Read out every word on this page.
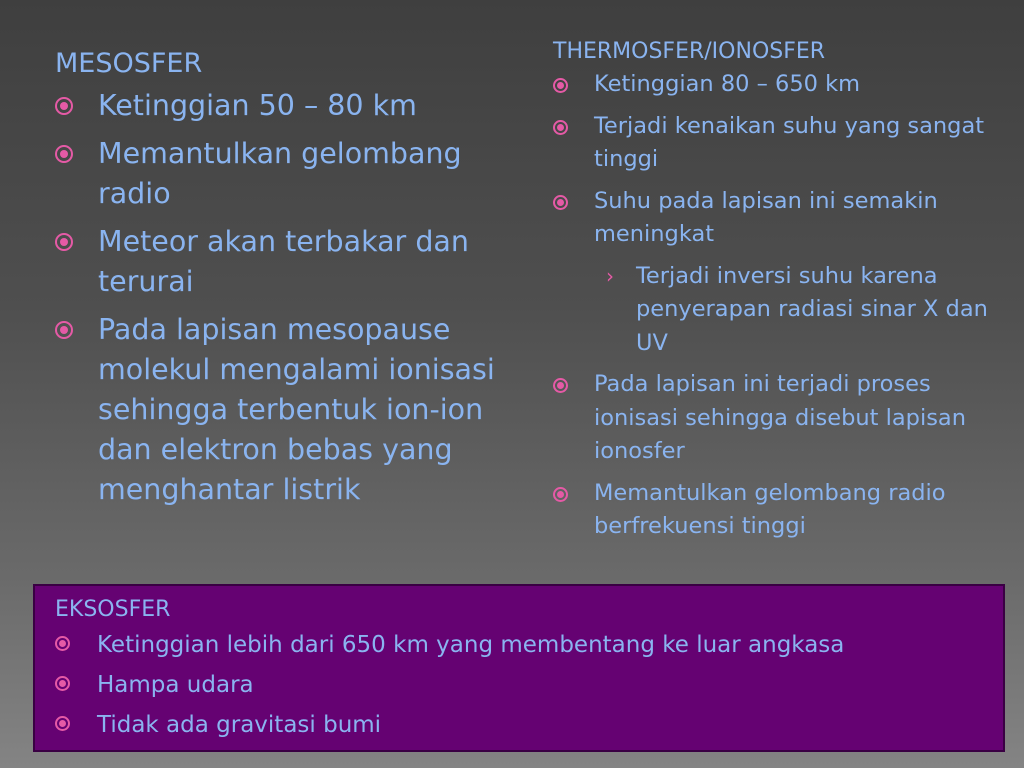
MESOSFER
Ketinggian 50 – 80 km
Memantulkan gelombang radio
Meteor akan terbakar dan terurai
Pada lapisan mesopause molekul mengalami ionisasi sehingga terbentuk ion-ion dan elektron bebas yang menghantar listrik
THERMOSFER/IONOSFER
Ketinggian 80 – 650 km
Terjadi kenaikan suhu yang sangat tinggi
Suhu pada lapisan ini semakin meningkat
› Terjadi inversi suhu karena penyerapan radiasi sinar X dan UV
Pada lapisan ini terjadi proses ionisasi sehingga disebut lapisan ionosfer
Memantulkan gelombang radio berfrekuensi tinggi
EKSOSFER
Ketinggian lebih dari 650 km yang membentang ke luar angkasa
Hampa udara
Tidak ada gravitasi bumi
